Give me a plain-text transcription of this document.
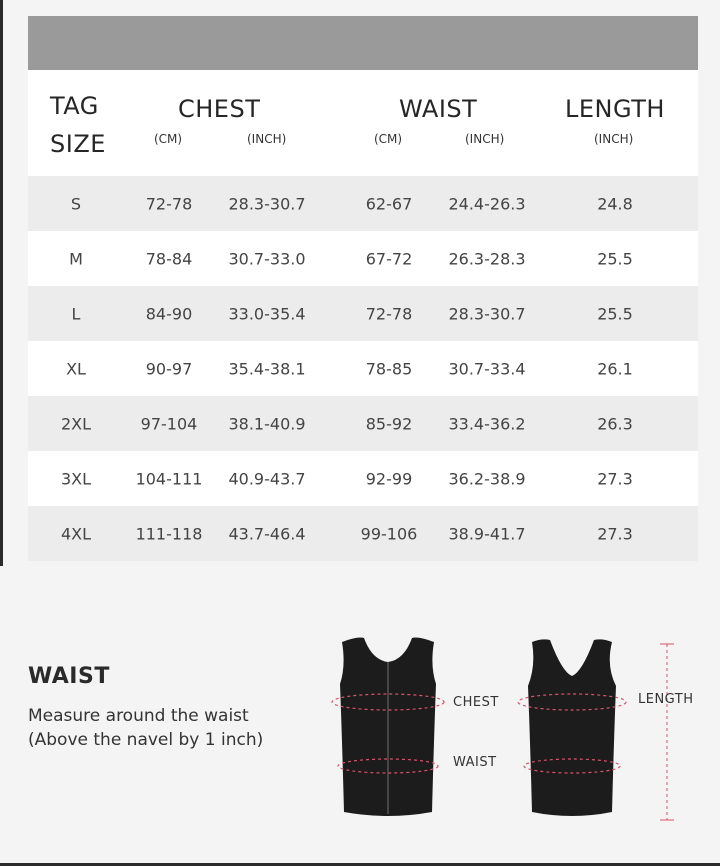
TAG
SIZE
CHEST	WAIST	LENGTH
(CM)	(INCH)	(CM)	(INCH)	(INCH)
S	72-78 28.3-30.7	62-67 24.4-26.3	24.8
M	78-84 30.7-33.0	67-72 26.3-28.3	25.5
L	84-90 33.0-35.4	72-78 28.3-30.7	25.5
XL	90-97 35.4-38.1	78-85 30.7-33.4	26.1
2XL	97-104 38.1-40.9	85-92 33.4-36.2	26.3
3XL	104-111 40.9-43.7	92-99 36.2-38.9	27.3
4XL	111-118 43.7-46.4	99-106 38.9-41.7	27.3
WAIST
Measure around the waist
(Above the navel by 1 inch)
CHEST
WAIST
LENGTH
